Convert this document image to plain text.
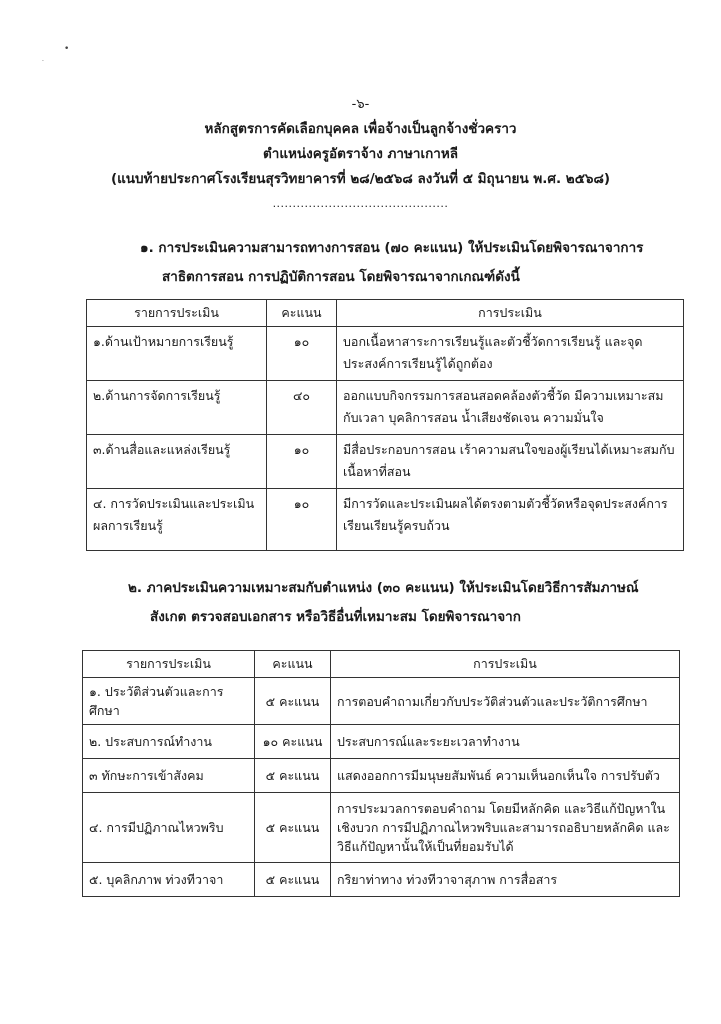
•
·
-๖-
หลักสูตรการคัดเลือกบุคคล เพื่อจ้างเป็นลูกจ้างชั่วคราว
ตำแหน่งครูอัตราจ้าง ภาษาเกาหลี
(แนบท้ายประกาศโรงเรียนสุรวิทยาคารที่ ๒๘/๒๕๖๘ ลงวันที่ ๕ มิถุนายน พ.ศ. ๒๕๖๘)
............................................
๑. การประเมินความสามารถทางการสอน (๗๐ คะแนน) ให้ประเมินโดยพิจารณาจาการ
สาธิตการสอน การปฏิบัติการสอน โดยพิจารณาจากเกณฑ์ดังนี้
รายการประเมิน	คะแนน	การประเมิน
๑.ด้านเป้าหมายการเรียนรู้	๑๐	บอกเนื้อหาสาระการเรียนรู้และตัวชี้วัดการเรียนรู้ และจุดประสงค์การเรียนรู้ได้ถูกต้อง
๒.ด้านการจัดการเรียนรู้	๔๐	ออกแบบกิจกรรมการสอนสอดคล้องตัวชี้วัด มีความเหมาะสมกับเวลา บุคลิการสอน น้ำเสียงชัดเจน ความมั่นใจ
๓.ด้านสื่อและแหล่งเรียนรู้	๑๐	มีสื่อประกอบการสอน เร้าความสนใจของผู้เรียนได้เหมาะสมกับเนื้อหาที่สอน
๔. การวัดประเมินและประเมินผลการเรียนรู้	๑๐	มีการวัดและประเมินผลได้ตรงตามตัวชี้วัดหรือจุดประสงค์การเรียนเรียนรู้ครบถ้วน
๒. ภาคประเมินความเหมาะสมกับตำแหน่ง (๓๐ คะแนน) ให้ประเมินโดยวิธีการสัมภาษณ์
สังเกต ตรวจสอบเอกสาร หรือวิธีอื่นที่เหมาะสม โดยพิจารณาจาก
รายการประเมิน	คะแนน	การประเมิน
๑. ประวัติส่วนตัวและการศึกษา	๕ คะแนน	การตอบคำถามเกี่ยวกับประวัติส่วนตัวและประวัติการศึกษา
๒. ประสบการณ์ทำงาน	๑๐ คะแนน	ประสบการณ์และระยะเวลาทำงาน
๓ ทักษะการเข้าสังคม	๕ คะแนน	แสดงออกการมีมนุษยสัมพันธ์ ความเห็นอกเห็นใจ การปรับตัว
๔. การมีปฏิภาณไหวพริบ	๕ คะแนน	การประมวลการตอบคำถาม โดยมีหลักคิด และวิธีแก้ปัญหาในเชิงบวก การมีปฏิภาณไหวพริบและสามารถอธิบายหลักคิด และวิธีแก้ปัญหานั้นให้เป็นที่ยอมรับได้
๕. บุคลิกภาพ ท่วงทีวาจา	๕ คะแนน	กริยาท่าทาง ท่วงทีวาจาสุภาพ การสื่อสาร
